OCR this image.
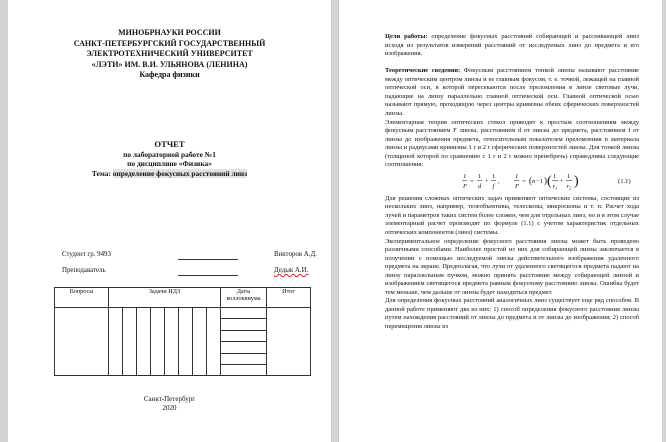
МИНОБРНАУКИ РОССИИ
САНКТ-ПЕТЕРБУРГСКИЙ ГОСУДАРСТВЕННЫЙ
ЭЛЕКТРОТЕХНИЧЕСКИЙ УНИВЕРСИТЕТ
«ЛЭТИ» ИМ. В.И. УЛЬЯНОВА (ЛЕНИНА)
Кафедра физики
ОТЧЕТ
по лабораторной работе №1
по дисциплине «Физика»
Тема: определение фокусных расстояний линз
Студент гр. 9493	Викторов А.Д.
Преподаватель	Дедык А.И.
Вопросы	Задачи ИДЗ								Даты коллоквиума	Итог

Санкт-Петербург
2020

Цели работы: определение фокусных расстояний собирающей и рассеивающей линз исходя из результатов измерений расстояний от исследуемых линз до предмета и его изображения.

Теоретические сведения: Фокусным расстоянием тонкой линзы называют расстояние между оптическим центром линзы и ее главным фокусом, т. е. точкой, лежащей на главной оптической оси, в которой пересекаются после преломления в линзе световые лучи, падающие на линзу параллельно главной оптической оси. Главной оптической осью называют прямую, проходящую через центры кривизны обеих сферических поверхностей линзы.

Элементарная теория оптических стекол приводит к простым соотношениям между фокусным расстоянием F линзы, расстоянием d от линзы до предмета, расстоянием f от линзы до изображения предмета, относительным показателем преломления n материала линзы и радиусами кривизны 1 r и 2 r сферических поверхностей линзы. Для тонкой линзы (толщиной которой по сравнению с 1 r и 2 r можно пренебречь) справедливы следующие соотношения:

1
F
=
1
d
+
1
f
,
1
F
= ( n −1 ) ( 1
r 1
+
1
r 2 )	(1.1)

Для решения сложных оптических задач применяют оптические системы, состоящие из нескольких линз, например, телеобъективы, телескопы, микроскопы и т. п. Расчет хода лучей и параметров таких систем более сложен, чем для отдельных линз, но и в этом случае элементарный расчет производят по формуле (1.1) с учетом характеристик отдельных оптических компонентов (линз) системы.

Экспериментальное определение фокусного расстояния линзы может быть проведено различными способами. Наиболее простой из них для собирающей линзы заключается в получении с помощью исследуемой линзы действительного изображения удаленного предмета на экране. Предполагая, что лучи от удаленного светящегося предмета падают на линзу параллельным пучком, можно принять расстояние между собирающей линзой и изображением светящегося предмета равным фокусному расстоянию линзы. Ошибка будет тем меньше, чем дальше от линзы будет находиться предмет.

Для определения фокусных расстояний аналогичных линз существует еще ряд способов. В данной работе применяют два из них: 1) способ определения фокусного расстояния линзы путем нахождения расстояний от линзы до предмета и от линзы до изображения; 2) способ перемещения линзы из
